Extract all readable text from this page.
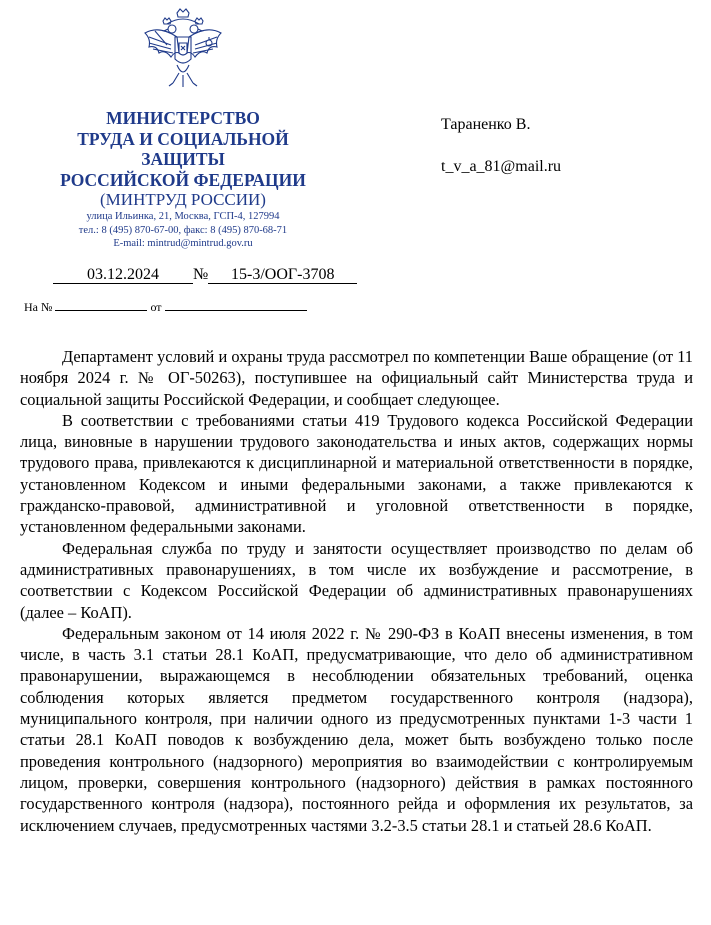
МИНИСТЕРСТВО
ТРУДА И СОЦИАЛЬНОЙ
ЗАЩИТЫ
РОССИЙСКОЙ ФЕДЕРАЦИИ
(МИНТРУД РОССИИ)
улица Ильинка, 21, Москва, ГСП-4, 127994
тел.: 8 (495) 870-67-00, факс: 8 (495) 870-68-71
E-mail: mintrud@mintrud.gov.ru
03.12.2024 № 15-3/ООГ-3708
На №	от
Тараненко В.
t_v_a_81@mail.ru

Департамент условий и охраны труда рассмотрел по компетенции Ваше обращение (от 11 ноября 2024 г. № ОГ-50263), поступившее на официальный сайт Министерства труда и социальной защиты Российской Федерации, и сообщает следующее.

В соответствии с требованиями статьи 419 Трудового кодекса Российской Федерации лица, виновные в нарушении трудового законодательства и иных актов, содержащих нормы трудового права, привлекаются к дисциплинарной и материальной ответственности в порядке, установленном Кодексом и иными федеральными законами, а также привлекаются к гражданско-правовой, административной и уголовной ответственности в порядке, установленном федеральными законами.

Федеральная служба по труду и занятости осуществляет производство по делам об административных правонарушениях, в том числе их возбуждение и рассмотрение, в соответствии с Кодексом Российской Федерации об административных правонарушениях (далее – КоАП).

Федеральным законом от 14 июля 2022 г. № 290-ФЗ в КоАП внесены изменения, в том числе, в часть 3.1 статьи 28.1 КоАП, предусматривающие, что дело об административном правонарушении, выражающемся в несоблюдении обязательных требований, оценка соблюдения которых является предметом государственного контроля (надзора), муниципального контроля, при наличии одного из предусмотренных пунктами 1-3 части 1 статьи 28.1 КоАП поводов к возбуждению дела, может быть возбуждено только после проведения контрольного (надзорного) мероприятия во взаимодействии с контролируемым лицом, проверки, совершения контрольного (надзорного) действия в рамках постоянного государственного контроля (надзора), постоянного рейда и оформления их результатов, за исключением случаев, предусмотренных частями 3.2-3.5 статьи 28.1 и статьей 28.6 КоАП.
